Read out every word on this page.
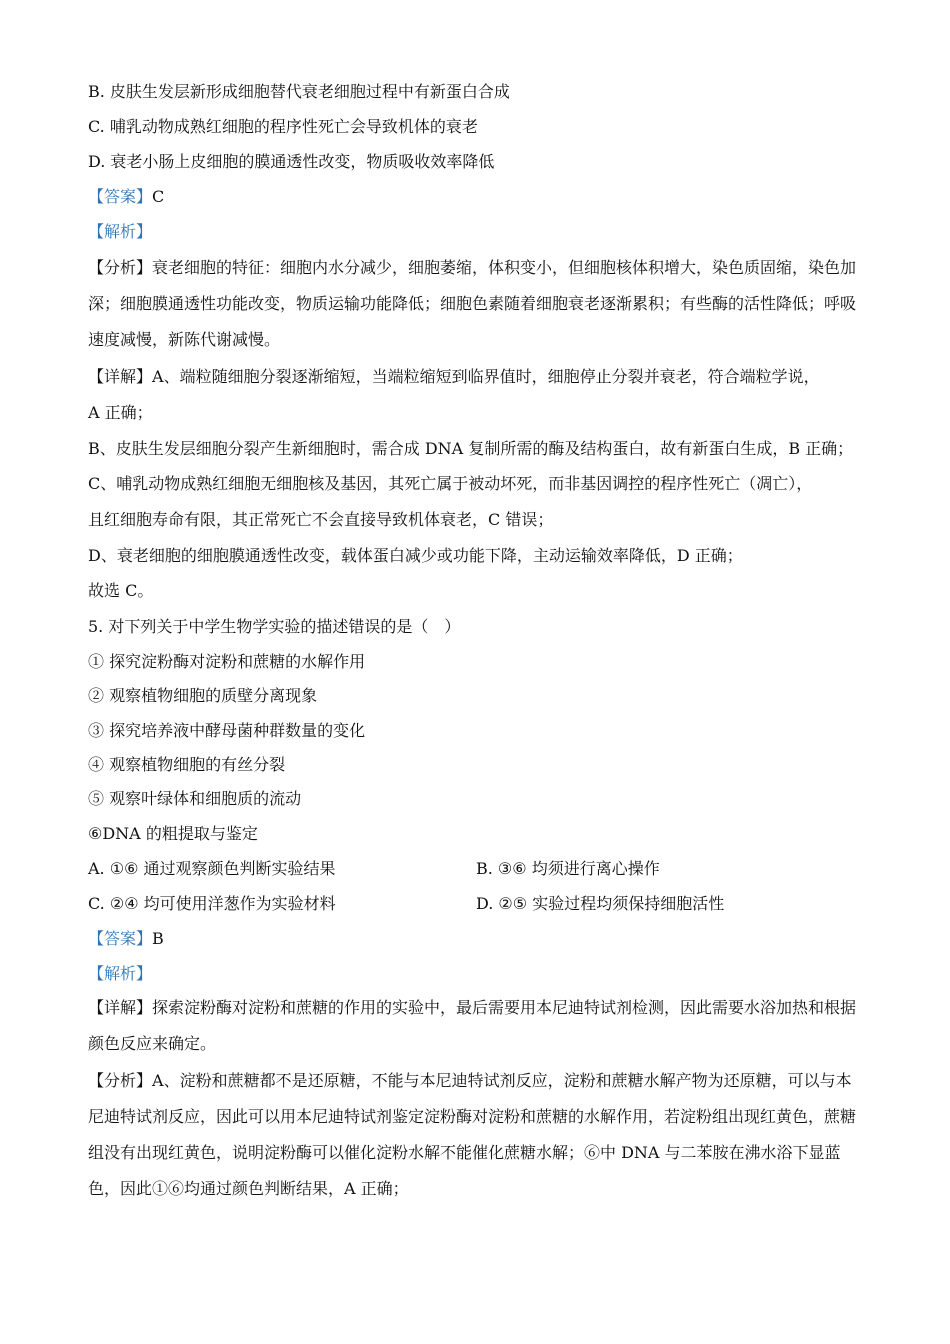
B. 皮肤生发层新形成细胞替代衰老细胞过程中有新蛋白合成
C. 哺乳动物成熟红细胞的程序性死亡会导致机体的衰老
D. 衰老小肠上皮细胞的膜通透性改变，物质吸收效率降低
【答案】C
【解析】
【分析】衰老细胞的特征：细胞内水分减少，细胞萎缩，体积变小，但细胞核体积增大，染色质固缩，染色加深；细胞膜通透性功能改变，物质运输功能降低；细胞色素随着细胞衰老逐渐累积；有些酶的活性降低；呼吸速度减慢，新陈代谢减慢。
【详解】A、端粒随细胞分裂逐渐缩短，当端粒缩短到临界值时，细胞停止分裂并衰老，符合端粒学说，
A 正确；
B、皮肤生发层细胞分裂产生新细胞时，需合成 DNA 复制所需的酶及结构蛋白，故有新蛋白生成，B 正确；
C、哺乳动物成熟红细胞无细胞核及基因，其死亡属于被动坏死，而非基因调控的程序性死亡（凋亡），
且红细胞寿命有限，其正常死亡不会直接导致机体衰老，C 错误；
D、衰老细胞的细胞膜通透性改变，载体蛋白减少或功能下降，主动运输效率降低，D 正确；
故选 C。
5. 对下列关于中学生物学实验的描述错误的是（　）
① 探究淀粉酶对淀粉和蔗糖的水解作用
② 观察植物细胞的质壁分离现象
③ 探究培养液中酵母菌种群数量的变化
④ 观察植物细胞的有丝分裂
⑤ 观察叶绿体和细胞质的流动
⑥DNA 的粗提取与鉴定
A. ①⑥ 通过观察颜色判断实验结果	B. ③⑥ 均须进行离心操作
C. ②④ 均可使用洋葱作为实验材料	D. ②⑤ 实验过程均须保持细胞活性
【答案】B
【解析】
【详解】探索淀粉酶对淀粉和蔗糖的作用的实验中，最后需要用本尼迪特试剂检测，因此需要水浴加热和根据颜色反应来确定。
【分析】A、淀粉和蔗糖都不是还原糖，不能与本尼迪特试剂反应，淀粉和蔗糖水解产物为还原糖，可以与本尼迪特试剂反应，因此可以用本尼迪特试剂鉴定淀粉酶对淀粉和蔗糖的水解作用，若淀粉组出现红黄色，蔗糖组没有出现红黄色，说明淀粉酶可以催化淀粉水解不能催化蔗糖水解；⑥中 DNA 与二苯胺在沸水浴下显蓝色，因此①⑥均通过颜色判断结果，A 正确；
